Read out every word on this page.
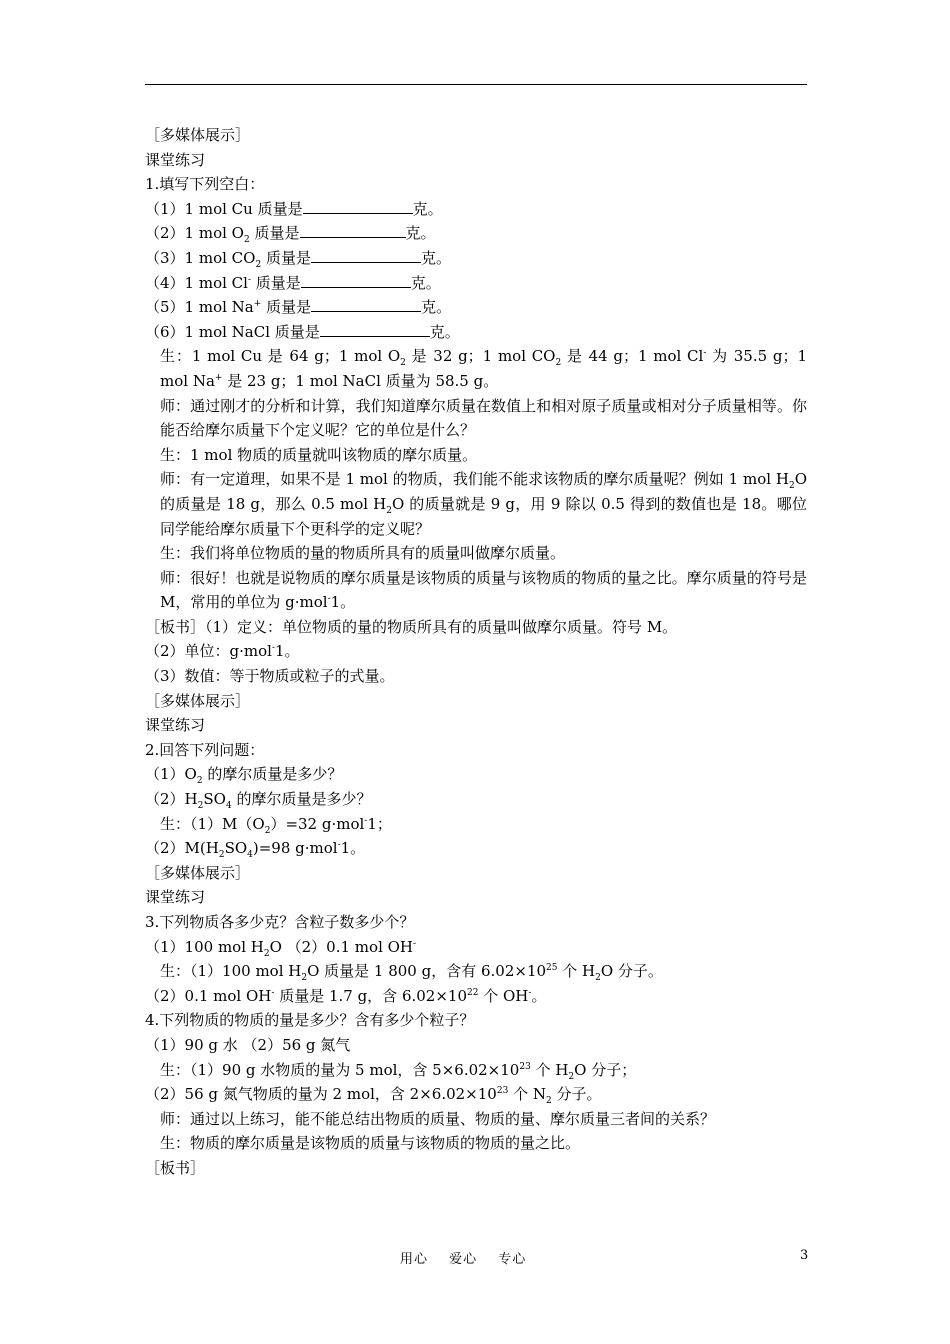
［多媒体展示］
课堂练习
1.填写下列空白：
（1）1 mol Cu 质量是	克。
（2）1 mol $O_2$ 质量是	克。
（3）1 mol $CO_2$ 质量是	克。
（4）1 mol Cl- 质量是	克。
（5）1 mol Na+ 质量是	克。
（6）1 mol NaCl 质量是	克。
生：1 mol Cu 是 64 g；1 mol $O_2$ 是 32 g；1 mol $CO_2$ 是 44 g；1 mol Cl- 为 35.5 g；1 mol Na+ 是 23 g；1 mol NaCl 质量为 58.5 g。
师：通过刚才的分析和计算，我们知道摩尔质量在数值上和相对原子质量或相对分子质量相等。你能否给摩尔质量下个定义呢？它的单位是什么？
生：1 mol 物质的质量就叫该物质的摩尔质量。
师：有一定道理，如果不是 1 mol 的物质，我们能不能求该物质的摩尔质量呢？例如 1 mol $H_2O$ 的质量是 18 g，那么 0.5 mol $H_2O$ 的质量就是 9 g，用 9 除以 0.5 得到的数值也是 18。哪位同学能给摩尔质量下个更科学的定义呢？
生：我们将单位物质的量的物质所具有的质量叫做摩尔质量。
师：很好！也就是说物质的摩尔质量是该物质的质量与该物质的物质的量之比。摩尔质量的符号是 M，常用的单位为 g·mol-1。
［板书］（1）定义：单位物质的量的物质所具有的质量叫做摩尔质量。符号 M。
（2）单位：g·mol-1。
（3）数值：等于物质或粒子的式量。
［多媒体展示］
课堂练习
2.回答下列问题：
$(1)O_2$ 的摩尔质量是多少？
$(2)H_2SO_4$ 的摩尔质量是多少？
生：$(1)M(O_2)=32$ g·mol-1；
$(2)M(H_2SO_4)=98$ g·mol-1。
［多媒体展示］
课堂练习
3.下列物质各多少克？含粒子数多少个？
（1）100 mol $H_2O$ （2）0.1 mol OH-
生：（1）100 mol $H_2O$ 质量是 1 800 g，含有 $6.02\times 10^{25}$ 个 $H_2O$ 分子。
（2）0.1 mol OH- 质量是 1.7 g，含 $6.02\times 10^{22}$ 个 OH-。
4.下列物质的物质的量是多少？含有多少个粒子？
（1）90 g 水 （2）56 g 氮气
生：（1）90 g 水物质的量为 5 mol，含 $5\times 6.02\times 10^{23}$ 个 $H_2O$ 分子；
（2）56 g 氮气物质的量为 2 mol，含 $2\times 6.02\times 10^{23}$ 个 $N_2$ 分子。
师：通过以上练习，能不能总结出物质的质量、物质的量、摩尔质量三者间的关系？
生：物质的摩尔质量是该物质的质量与该物质的物质的量之比。
［板书］
用心 爱心 专心	3
